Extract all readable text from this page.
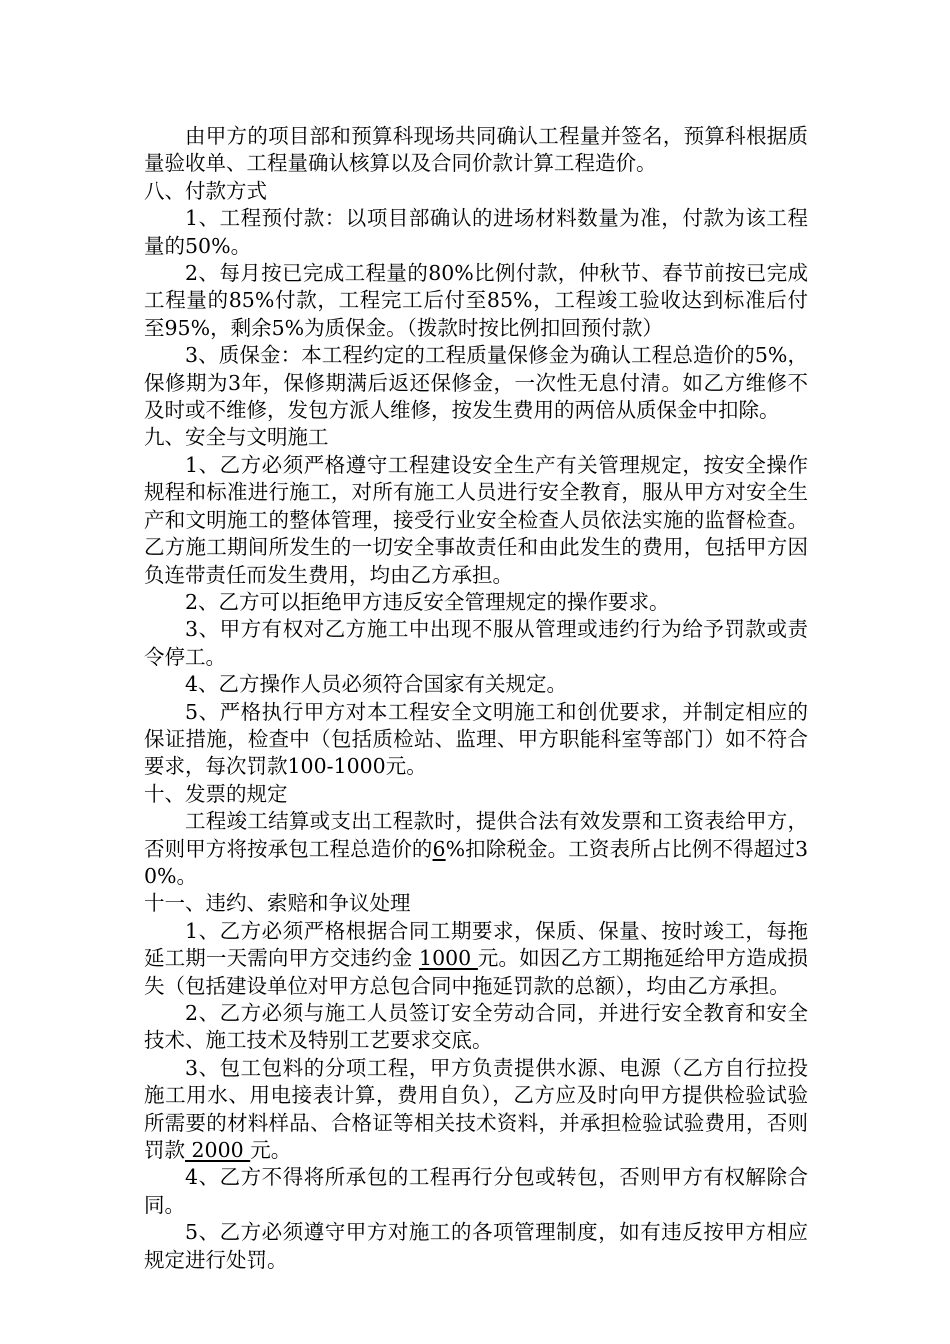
由甲方的项目部和预算科现场共同确认工程量并签名，预算科根据质量验收单、工程量确认核算以及合同价款计算工程造价。

八、付款方式

1、工程预付款：以项目部确认的进场材料数量为准，付款为该工程量的50%。

2、每月按已完成工程量的80%比例付款，仲秋节、春节前按已完成工程量的85%付款，工程完工后付至85%，工程竣工验收达到标准后付至95%，剩余5%为质保金。（拨款时按比例扣回预付款）

3、质保金：本工程约定的工程质量保修金为确认工程总造价的5%，保修期为3年，保修期满后返还保修金，一次性无息付清。如乙方维修不及时或不维修，发包方派人维修，按发生费用的两倍从质保金中扣除。

九、安全与文明施工

1、乙方必须严格遵守工程建设安全生产有关管理规定，按安全操作规程和标准进行施工，对所有施工人员进行安全教育，服从甲方对安全生产和文明施工的整体管理，接受行业安全检查人员依法实施的监督检查。乙方施工期间所发生的一切安全事故责任和由此发生的费用，包括甲方因负连带责任而发生费用，均由乙方承担。

2、乙方可以拒绝甲方违反安全管理规定的操作要求。

3、甲方有权对乙方施工中出现不服从管理或违约行为给予罚款或责令停工。

4、乙方操作人员必须符合国家有关规定。

5、严格执行甲方对本工程安全文明施工和创优要求，并制定相应的保证措施，检查中（包括质检站、监理、甲方职能科室等部门）如不符合要求，每次罚款100-1000元。

十、发票的规定

工程竣工结算或支出工程款时，提供合法有效发票和工资表给甲方，否则甲方将按承包工程总造价的6%扣除税金。工资表所占比例不得超过30%。

十一、违约、索赔和争议处理

1、乙方必须严格根据合同工期要求，保质、保量、按时竣工，每拖延工期一天需向甲方交违约金 1000 元。如因乙方工期拖延给甲方造成损失（包括建设单位对甲方总包合同中拖延罚款的总额），均由乙方承担。

2、乙方必须与施工人员签订安全劳动合同，并进行安全教育和安全技术、施工技术及特别工艺要求交底。

3、包工包料的分项工程，甲方负责提供水源、电源（乙方自行拉投施工用水、用电接表计算，费用自负），乙方应及时向甲方提供检验试验所需要的材料样品、合格证等相关技术资料，并承担检验试验费用，否则罚款 2000 元。

4、乙方不得将所承包的工程再行分包或转包，否则甲方有权解除合同。

5、乙方必须遵守甲方对施工的各项管理制度，如有违反按甲方相应规定进行处罚。
